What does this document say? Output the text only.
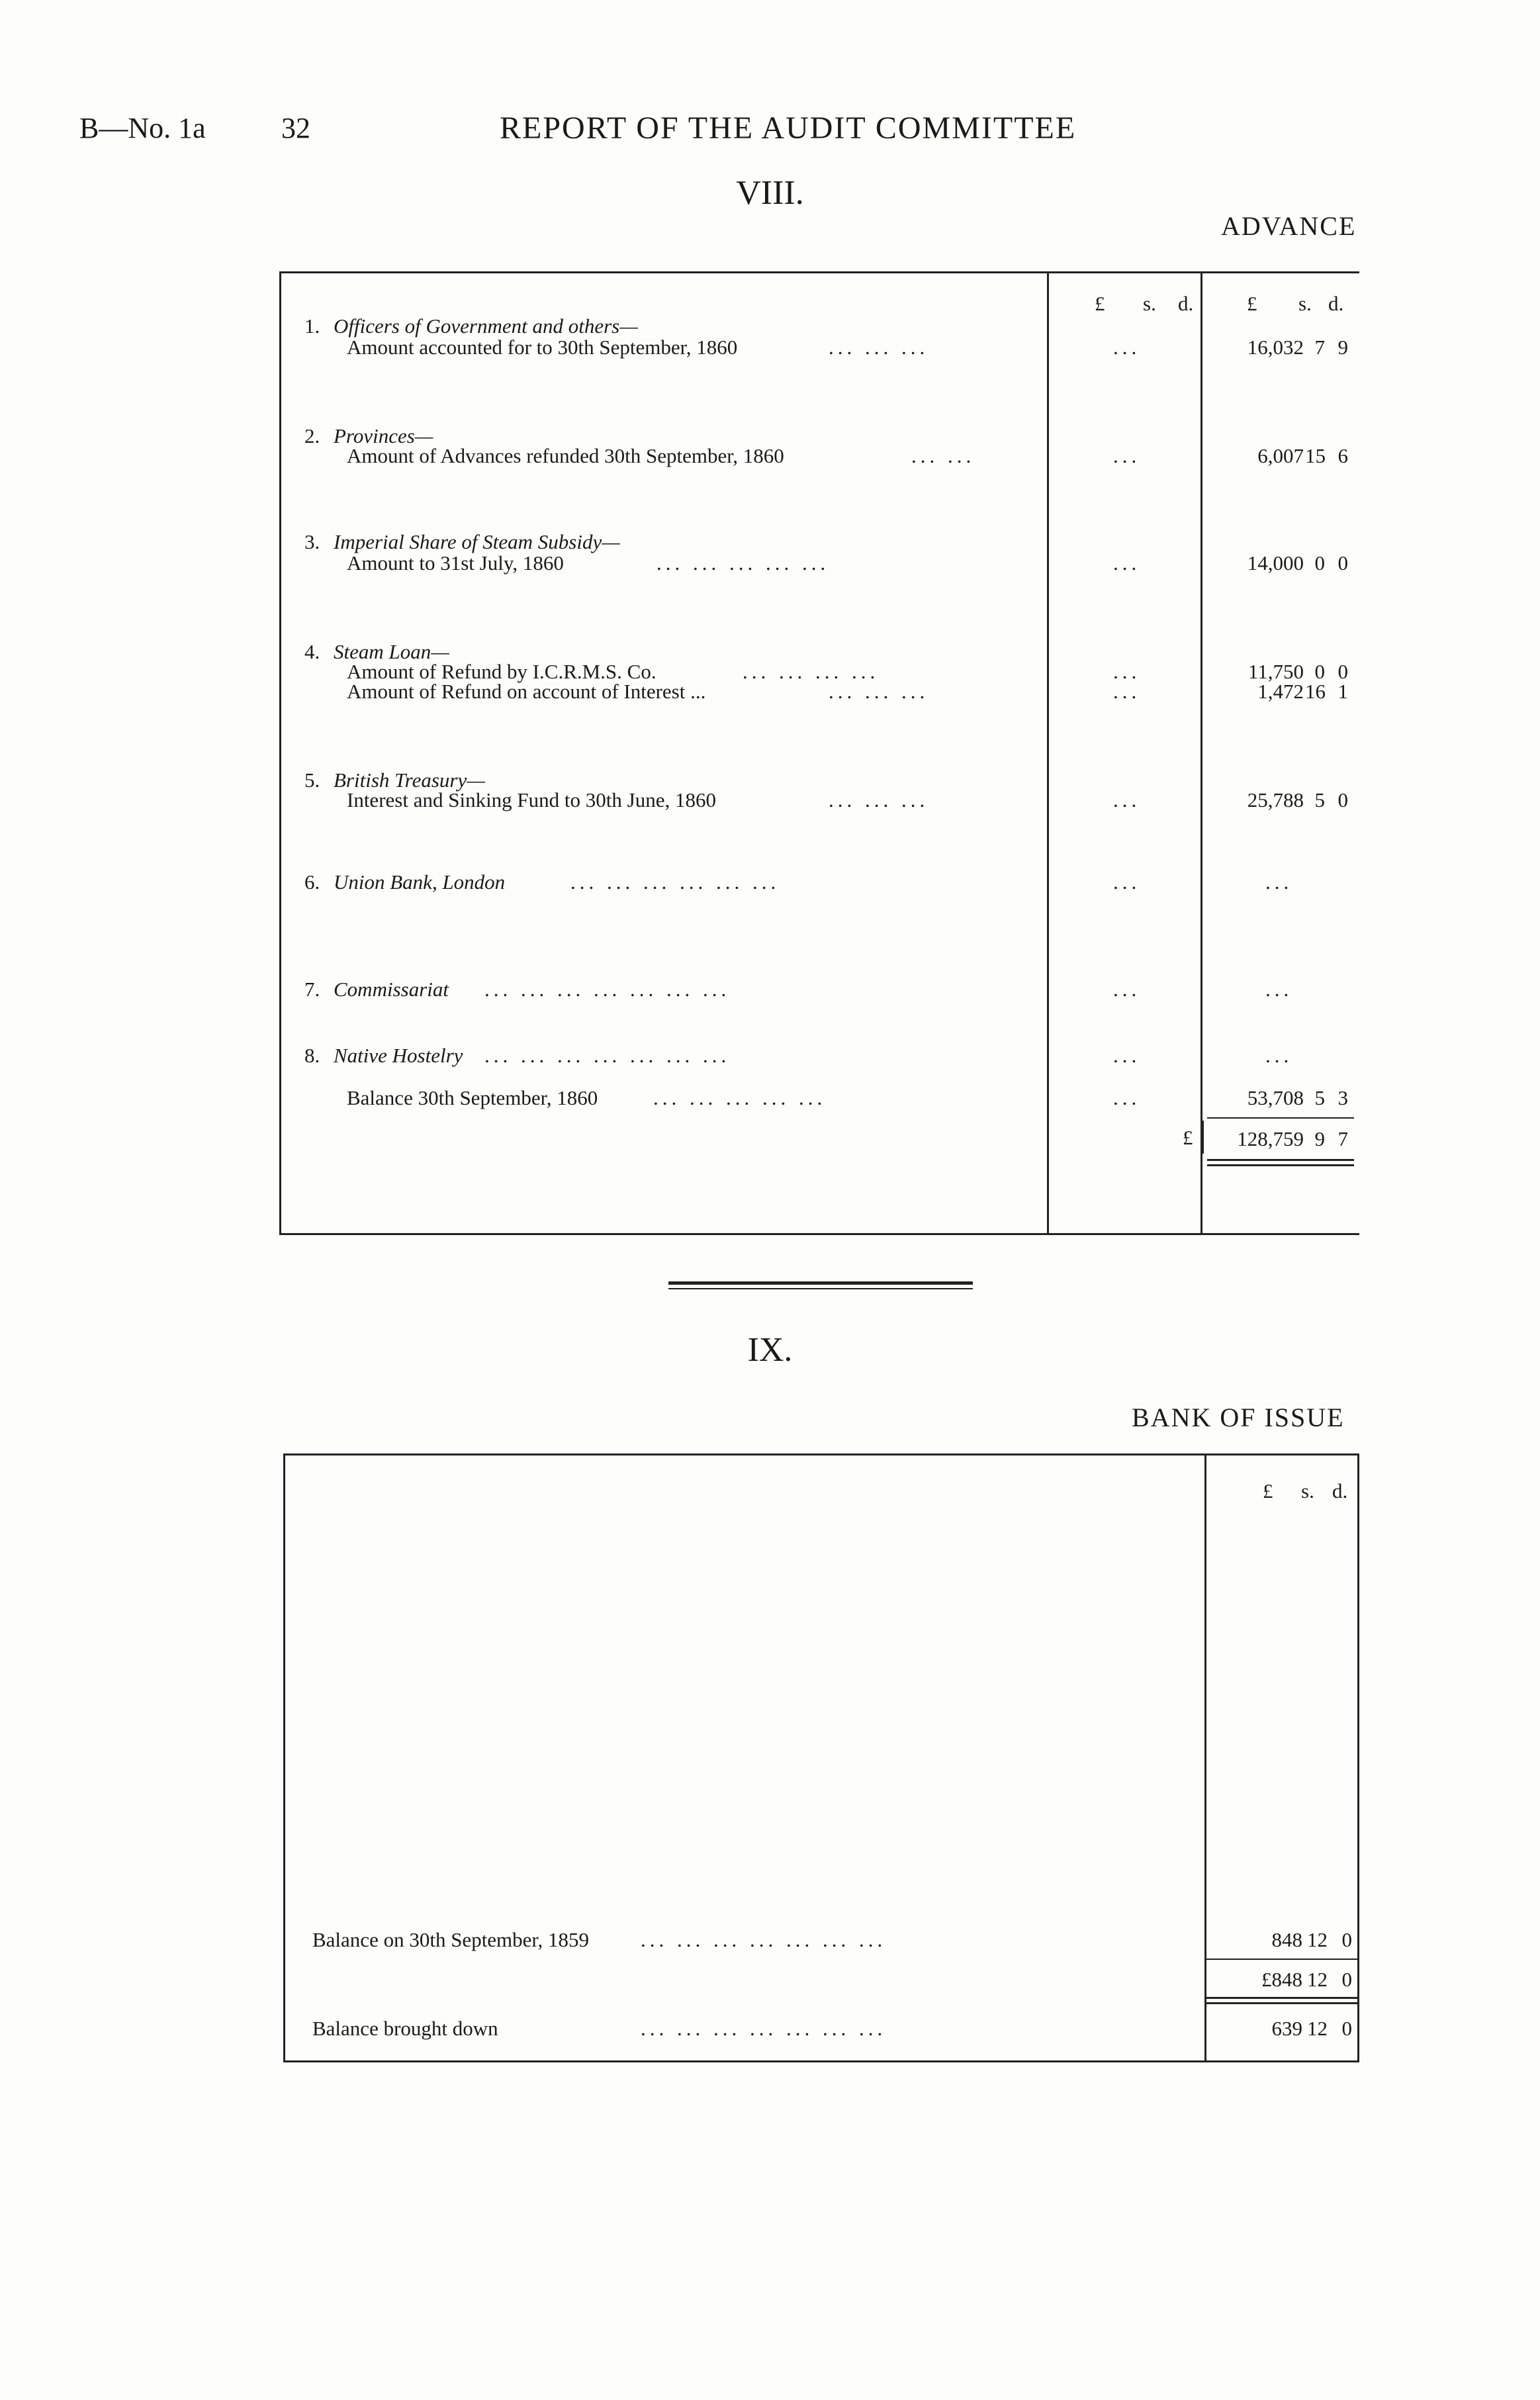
B—No. 1a	32	REPORT OF THE AUDIT COMMITTEE
VIII.
ADVANCE
£ s. d.	£ s. d.
1. Officers of Government and others—
Amount accounted for to 30th September, 1860	... ... ...	...	16,032 7 9
2. Provinces—
Amount of Advances refunded 30th September, 1860	... ...	...	6,007 15 6
3. Imperial Share of Steam Subsidy—
Amount to 31st July, 1860	... ... ... ... ...	...	14,000 0 0
4. Steam Loan—
Amount of Refund by I.C.R.M.S. Co.	... ... ... ...	...	11,750 0 0
Amount of Refund on account of Interest ...	... ... ...	...	1,472 16 1
5. British Treasury—
Interest and Sinking Fund to 30th June, 1860	... ... ...	...	25,788 5 0
6. Union Bank, London	... ... ... ... ... ...	...	...
7. Commissariat ... ... ... ... ... ... ...	...	...
8. Native Hostelry ... ... ... ... ... ... ...	...	...
Balance 30th September, 1860	... ... ... ... ...	...	53,708 5 3
£	128,759 9 7
IX.
BANK OF ISSUE
£ s. d.
Balance on 30th September, 1859	... ... ... ... ... ... ...	848 12 0
£848 12 0
Balance brought down	... ... ... ... ... ... ...	639 12 0
